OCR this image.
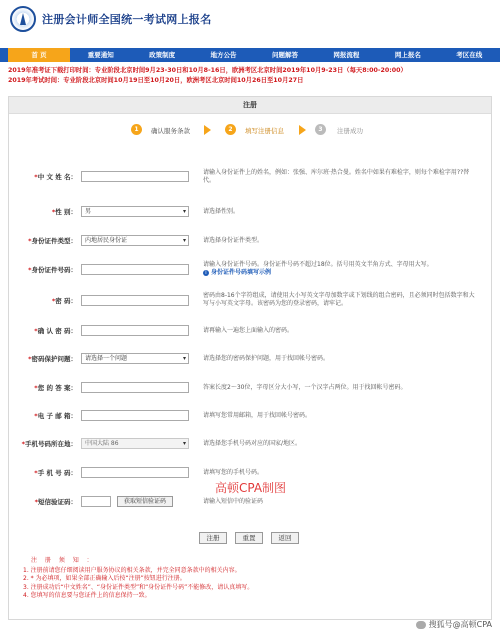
注册会计师全国统一考试网上报名
首 页	重要通知	政策制度	地方公告	问题解答	网报流程	网上报名	考区在线
2019年准考证下载打印时间：专业阶段北京时间9月23-30日和10月8-16日，欧洲考区北京时间2019年10月9-23日（每天8:00-20:00）
2019年考试时间：专业阶段北京时间10月19日至10月20日，欧洲考区北京时间10月26日至10月27日
注册
1	确认服务条款	2	填写注册信息	3	注册成功
*中 文 姓 名：
请输入身份证件上的姓名，例如：张强、库尔班·热合曼。姓名中如果有难检字，则每个难检字用??替代。
*性 别：	男 ▾	请选择性别。
*身份证件类型：	内地居民身份证 ▾	请选择身份证件类型。
*身份证件号码：
请输入身份证件号码。身份证件号码不超过18位。括号用英文半角方式、字母用大写。
i 身份证件号码填写示例
*密 码：
密码由8-16个字符组成，请使用大小写英文字母加数字或下划线的组合密码，且必须同时包括数字和大写与小写英文字母。该密码为您的登录密码，请牢记。
*确 认 密 码：	请再输入一遍您上面输入的密码。
*密码保护问题：	请选择一个问题 ▾	请选择您的密码保护问题，用于找回帐号密码。
*您 的 答 案：	答案长度2～30位，字母区分大小写，一个汉字占两位。用于找回帐号密码。
*电 子 邮 箱：	请填写您常用邮箱，用于找回帐号密码。
*手机号码所在地：	中国大陆 86 ▾	请选择您手机号码对应的国家/地区。
*手 机 号 码：	请填写您的手机号码。
高顿CPA制图
*短信验证码：	获取短信验证码	请输入短信中的验证码
注册	重置	返回
注 册 须 知 ：
1. 注册前请您仔细阅读用户服务协议的相关条款，并完全同意条款中的相关内容。
2. * 为必填项，如果全部正确输入后按“注册”按钮进行注册。
3. 注册成功后“中文姓名”、“身份证件类型”和“身份证件号码”不能修改，请认真填写。
4. 您填写的信息要与您证件上的信息保持一致。
搜狐号@高顿CPA
